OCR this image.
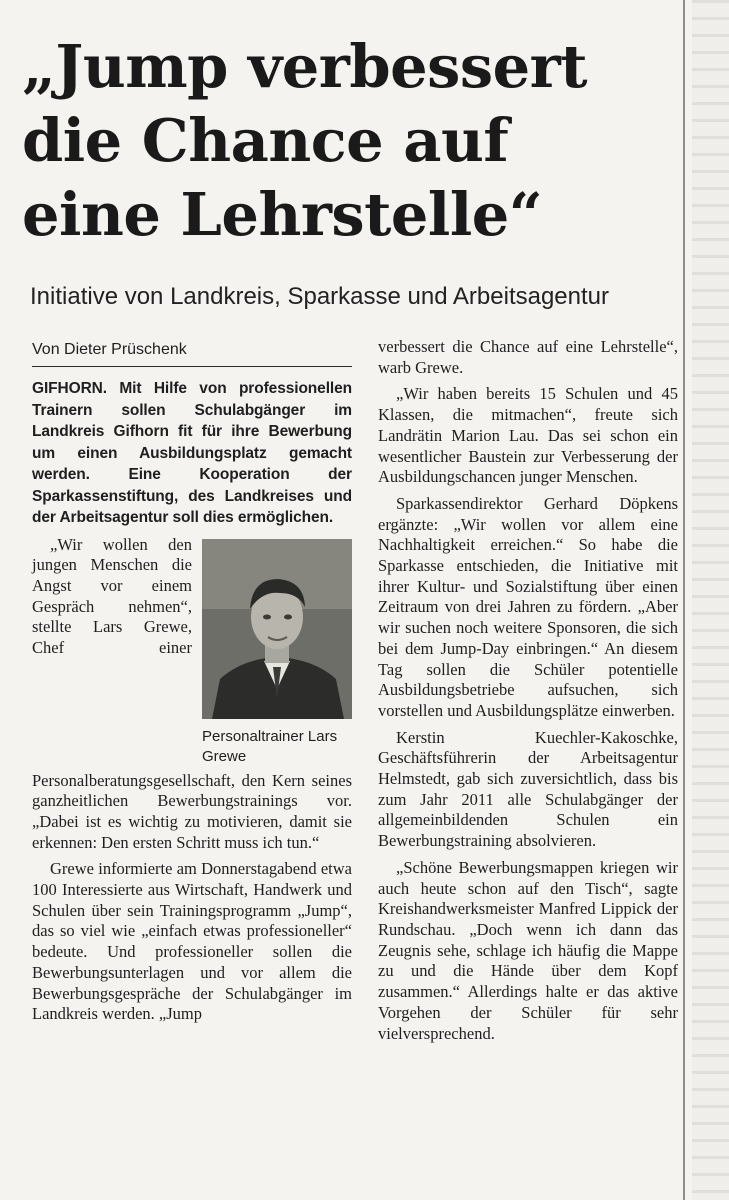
„Jump verbessert
die Chance auf
eine Lehrstelle“
Initiative von Landkreis, Sparkasse und Arbeitsagentur
Von Dieter Prüschenk

GIFHORN. Mit Hilfe von professionellen Trainern sollen Schulabgänger im Landkreis Gifhorn fit für ihre Bewerbung um einen Ausbildungsplatz gemacht werden. Eine Kooperation der Sparkassenstiftung, des Landkreises und der Arbeitsagentur soll dies ermöglichen.

Personaltrainer Lars Grewe

„Wir wollen den jungen Menschen die Angst vor einem Gespräch nehmen“, stellte Lars Grewe, Chef einer Personalberatungsgesellschaft, den Kern seines ganzheitlichen Bewerbungstrainings vor. „Dabei ist es wichtig zu motivieren, damit sie erkennen: Den ersten Schritt muss ich tun.“

Grewe informierte am Donnerstagabend etwa 100 Interessierte aus Wirtschaft, Handwerk und Schulen über sein Trainingsprogramm „Jump“, das so viel wie „einfach etwas professioneller“ bedeute. Und professioneller sollen die Bewerbungsunterlagen und vor allem die Bewerbungsgespräche der Schulabgänger im Landkreis werden. „Jump

verbessert die Chance auf eine Lehrstelle“, warb Grewe.

„Wir haben bereits 15 Schulen und 45 Klassen, die mitmachen“, freute sich Landrätin Marion Lau. Das sei schon ein wesentlicher Baustein zur Verbesserung der Ausbildungschancen junger Menschen.

Sparkassendirektor Gerhard Döpkens ergänzte: „Wir wollen vor allem eine Nachhaltigkeit erreichen.“ So habe die Sparkasse entschieden, die Initiative mit ihrer Kultur- und Sozialstiftung über einen Zeitraum von drei Jahren zu fördern. „Aber wir suchen noch weitere Sponsoren, die sich bei dem Jump-Day einbringen.“ An diesem Tag sollen die Schüler potentielle Ausbildungsbetriebe aufsuchen, sich vorstellen und Ausbildungsplätze einwerben.

Kerstin Kuechler-Kakoschke, Geschäftsführerin der Arbeitsagentur Helmstedt, gab sich zuversichtlich, dass bis zum Jahr 2011 alle Schulabgänger der allgemeinbildenden Schulen ein Bewerbungstraining absolvieren.

„Schöne Bewerbungsmappen kriegen wir auch heute schon auf den Tisch“, sagte Kreishandwerksmeister Manfred Lippick der Rundschau. „Doch wenn ich dann das Zeugnis sehe, schlage ich häufig die Mappe zu und die Hände über dem Kopf zusammen.“ Allerdings halte er das aktive Vorgehen der Schüler für sehr vielversprechend.
